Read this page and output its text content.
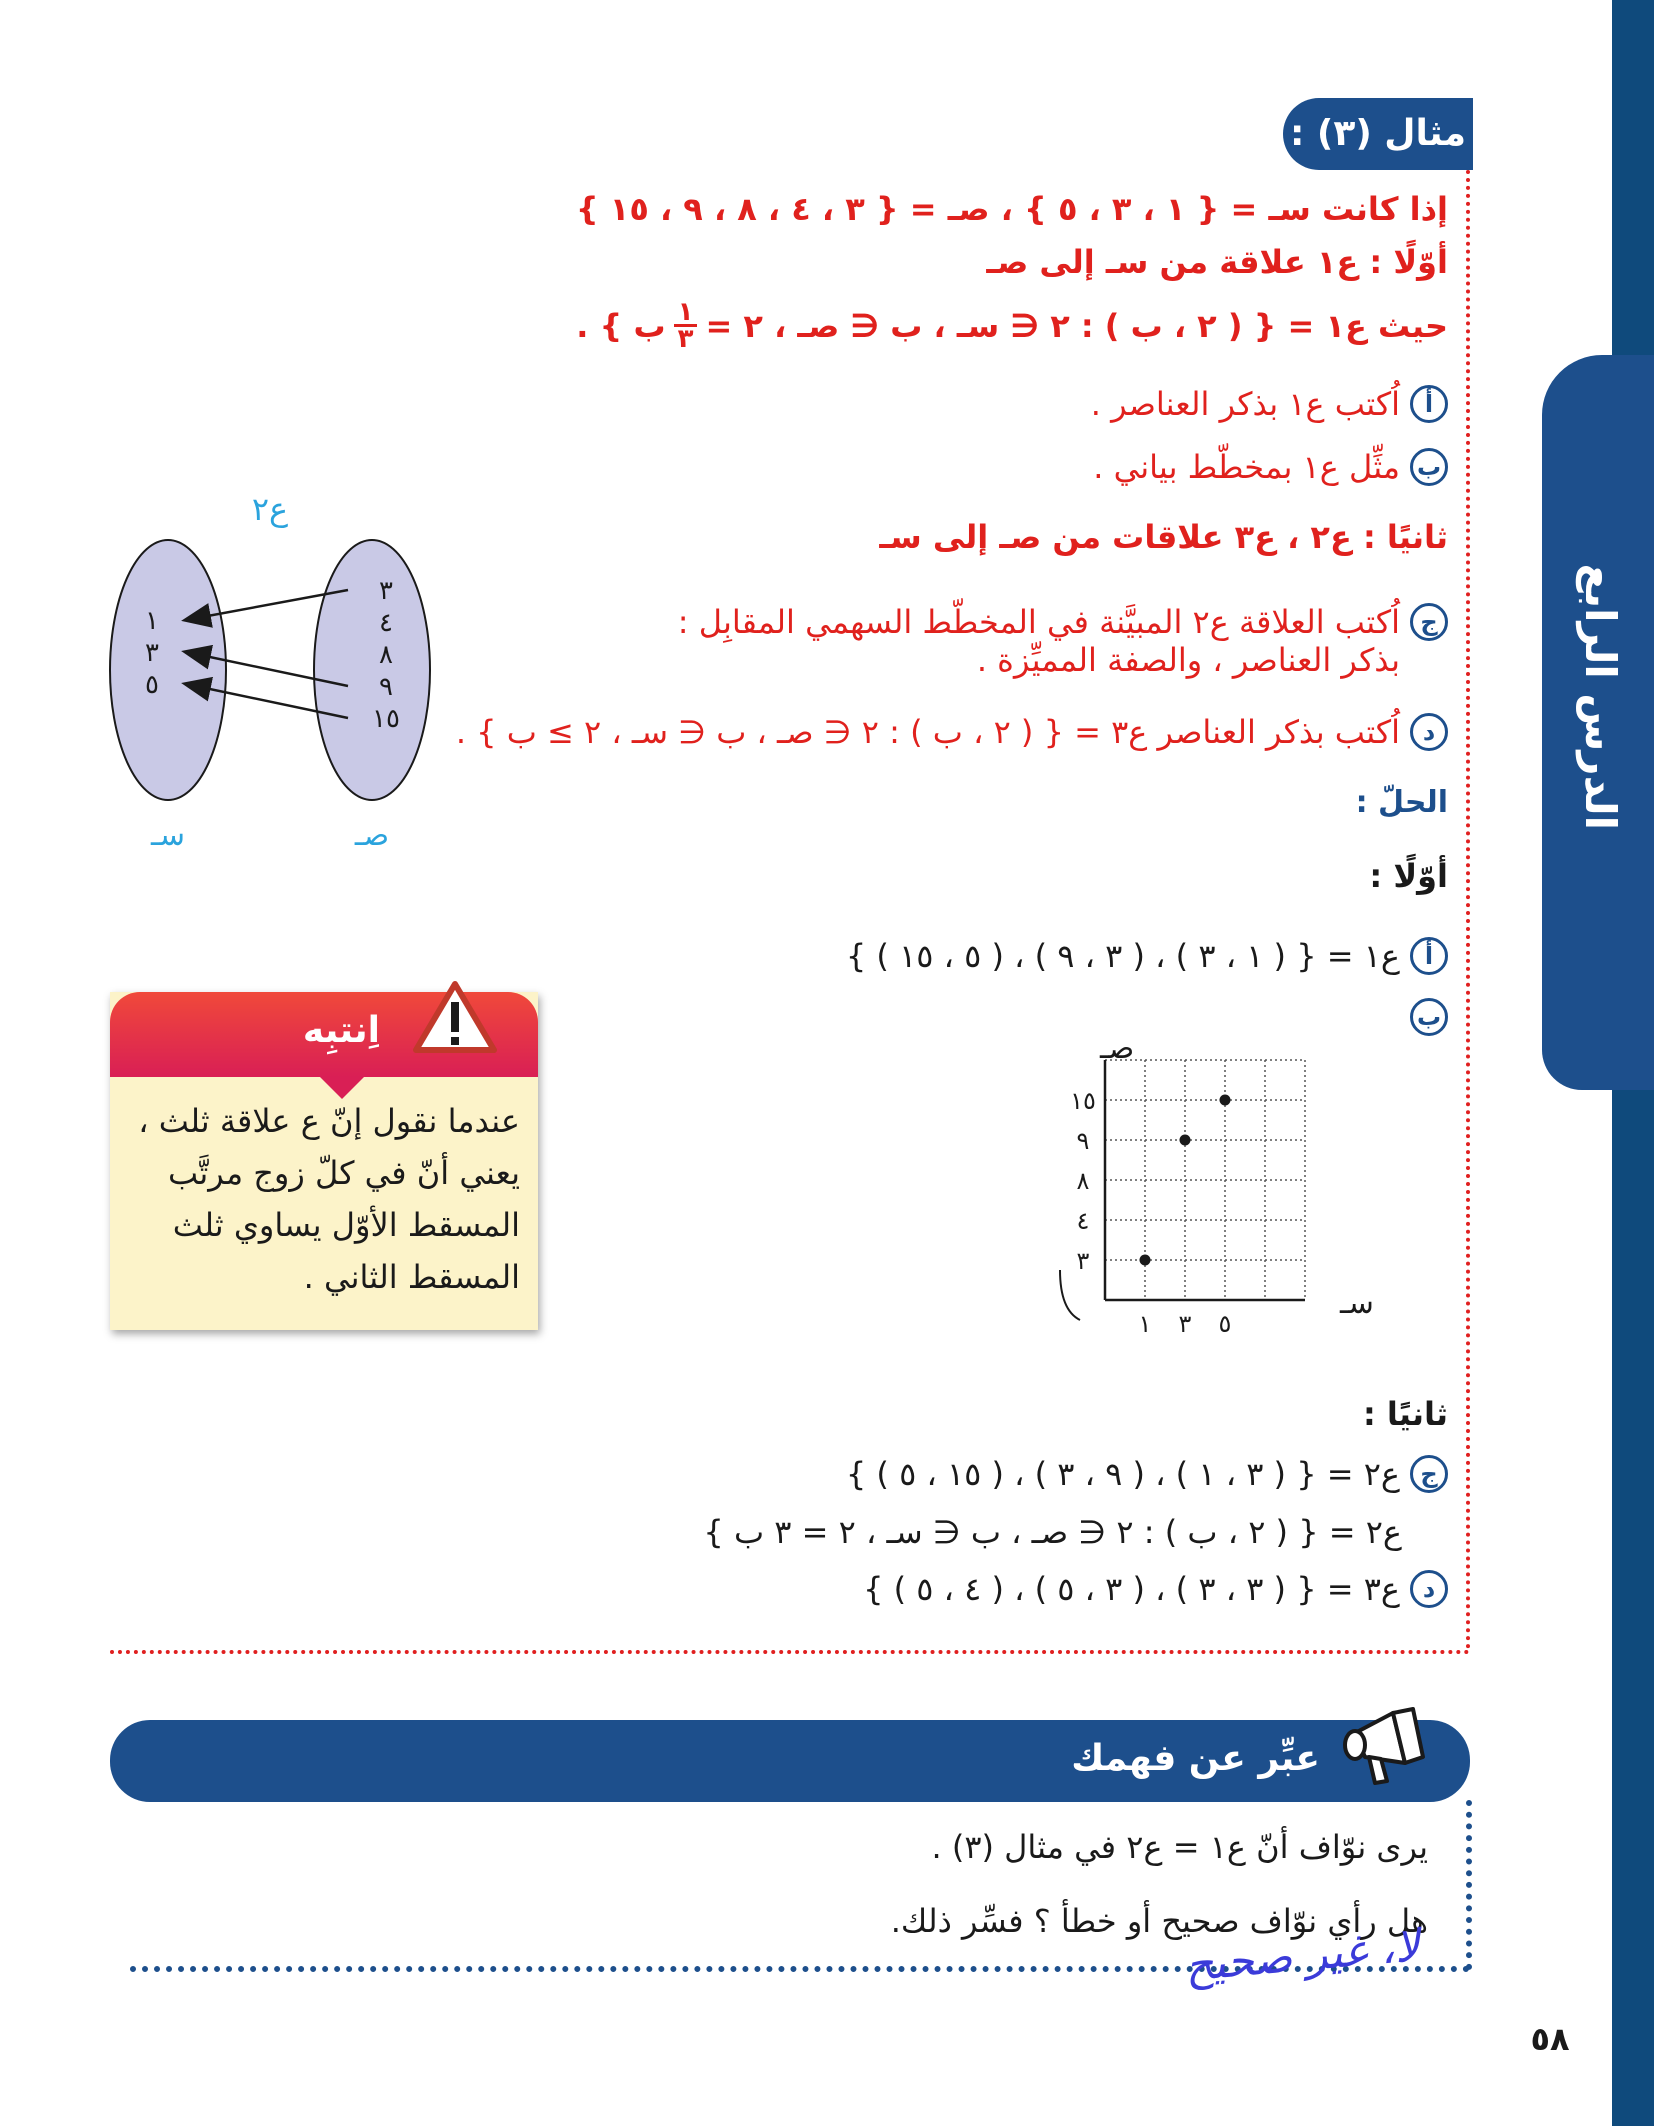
الدرس الرابع
مثال (٣) :
إذا كانت سـ = { ١ ، ٣ ، ٥ } ، صـ = { ٣ ، ٤ ، ٨ ، ٩ ، ١٥ }
أوّلًا : ع١ علاقة من سـ إلى صـ
حيث ع١ = { ( ٢ ، ب ) : ٢ ∈ سـ ، ب ∈ صـ ، ٢ =
١
٣
ب } .
أ
اُكتب ع١ بذكر العناصر .
ب
مثِّل ع١ بمخطّط بياني .
ثانيًا : ع٢ ، ع٣ علاقات من صـ إلى سـ
ج
اُكتب العلاقة ع٢ المبيَّنة في المخطّط السهمي المقابِل :
بذكر العناصر ، والصفة المميِّزة .
د
اُكتب بذكر العناصر ع٣ = { ( ٢ ، ب ) : ٢ ∈ صـ ، ب ∈ سـ ، ٢ ≥ ب } .
ع٢
١
٣
٥
٣
٤
٨
٩
١٥
سـ	صـ
الحلّ :
أوّلًا :
أ
ع١ = { ( ١ ، ٣ ) ، ( ٣ ، ٩ ) ، ( ٥ ، ١٥ ) }
ب
١ ٣ ٥
٣
٤
٨
٩
١٥
سـ
صـ
ثانيًا :
ج
ع٢ = { ( ٣ ، ١ ) ، ( ٩ ، ٣ ) ، ( ١٥ ، ٥ ) }
ع٢ = { ( ٢ ، ب ) : ٢ ∈ صـ ، ب ∈ سـ ، ٢ = ٣ ب }
د
ع٣ = { ( ٣ ، ٣ ) ، ( ٣ ، ٥ ) ، ( ٤ ، ٥ ) }
اِنتبِه
عندما نقول إنّ ع علاقة ثلث ،
يعني أنّ في كلّ زوج مرتَّب
المسقط الأوّل يساوي ثلث
المسقط الثاني .
عبِّر عن فهمك
يرى نوّاف أنّ ع١ = ع٢ في مثال (٣) .
هل رأي نوّاف صحيح أو خطأ ؟ فسِّر ذلك.
لا، غير صحيح
٥٨
